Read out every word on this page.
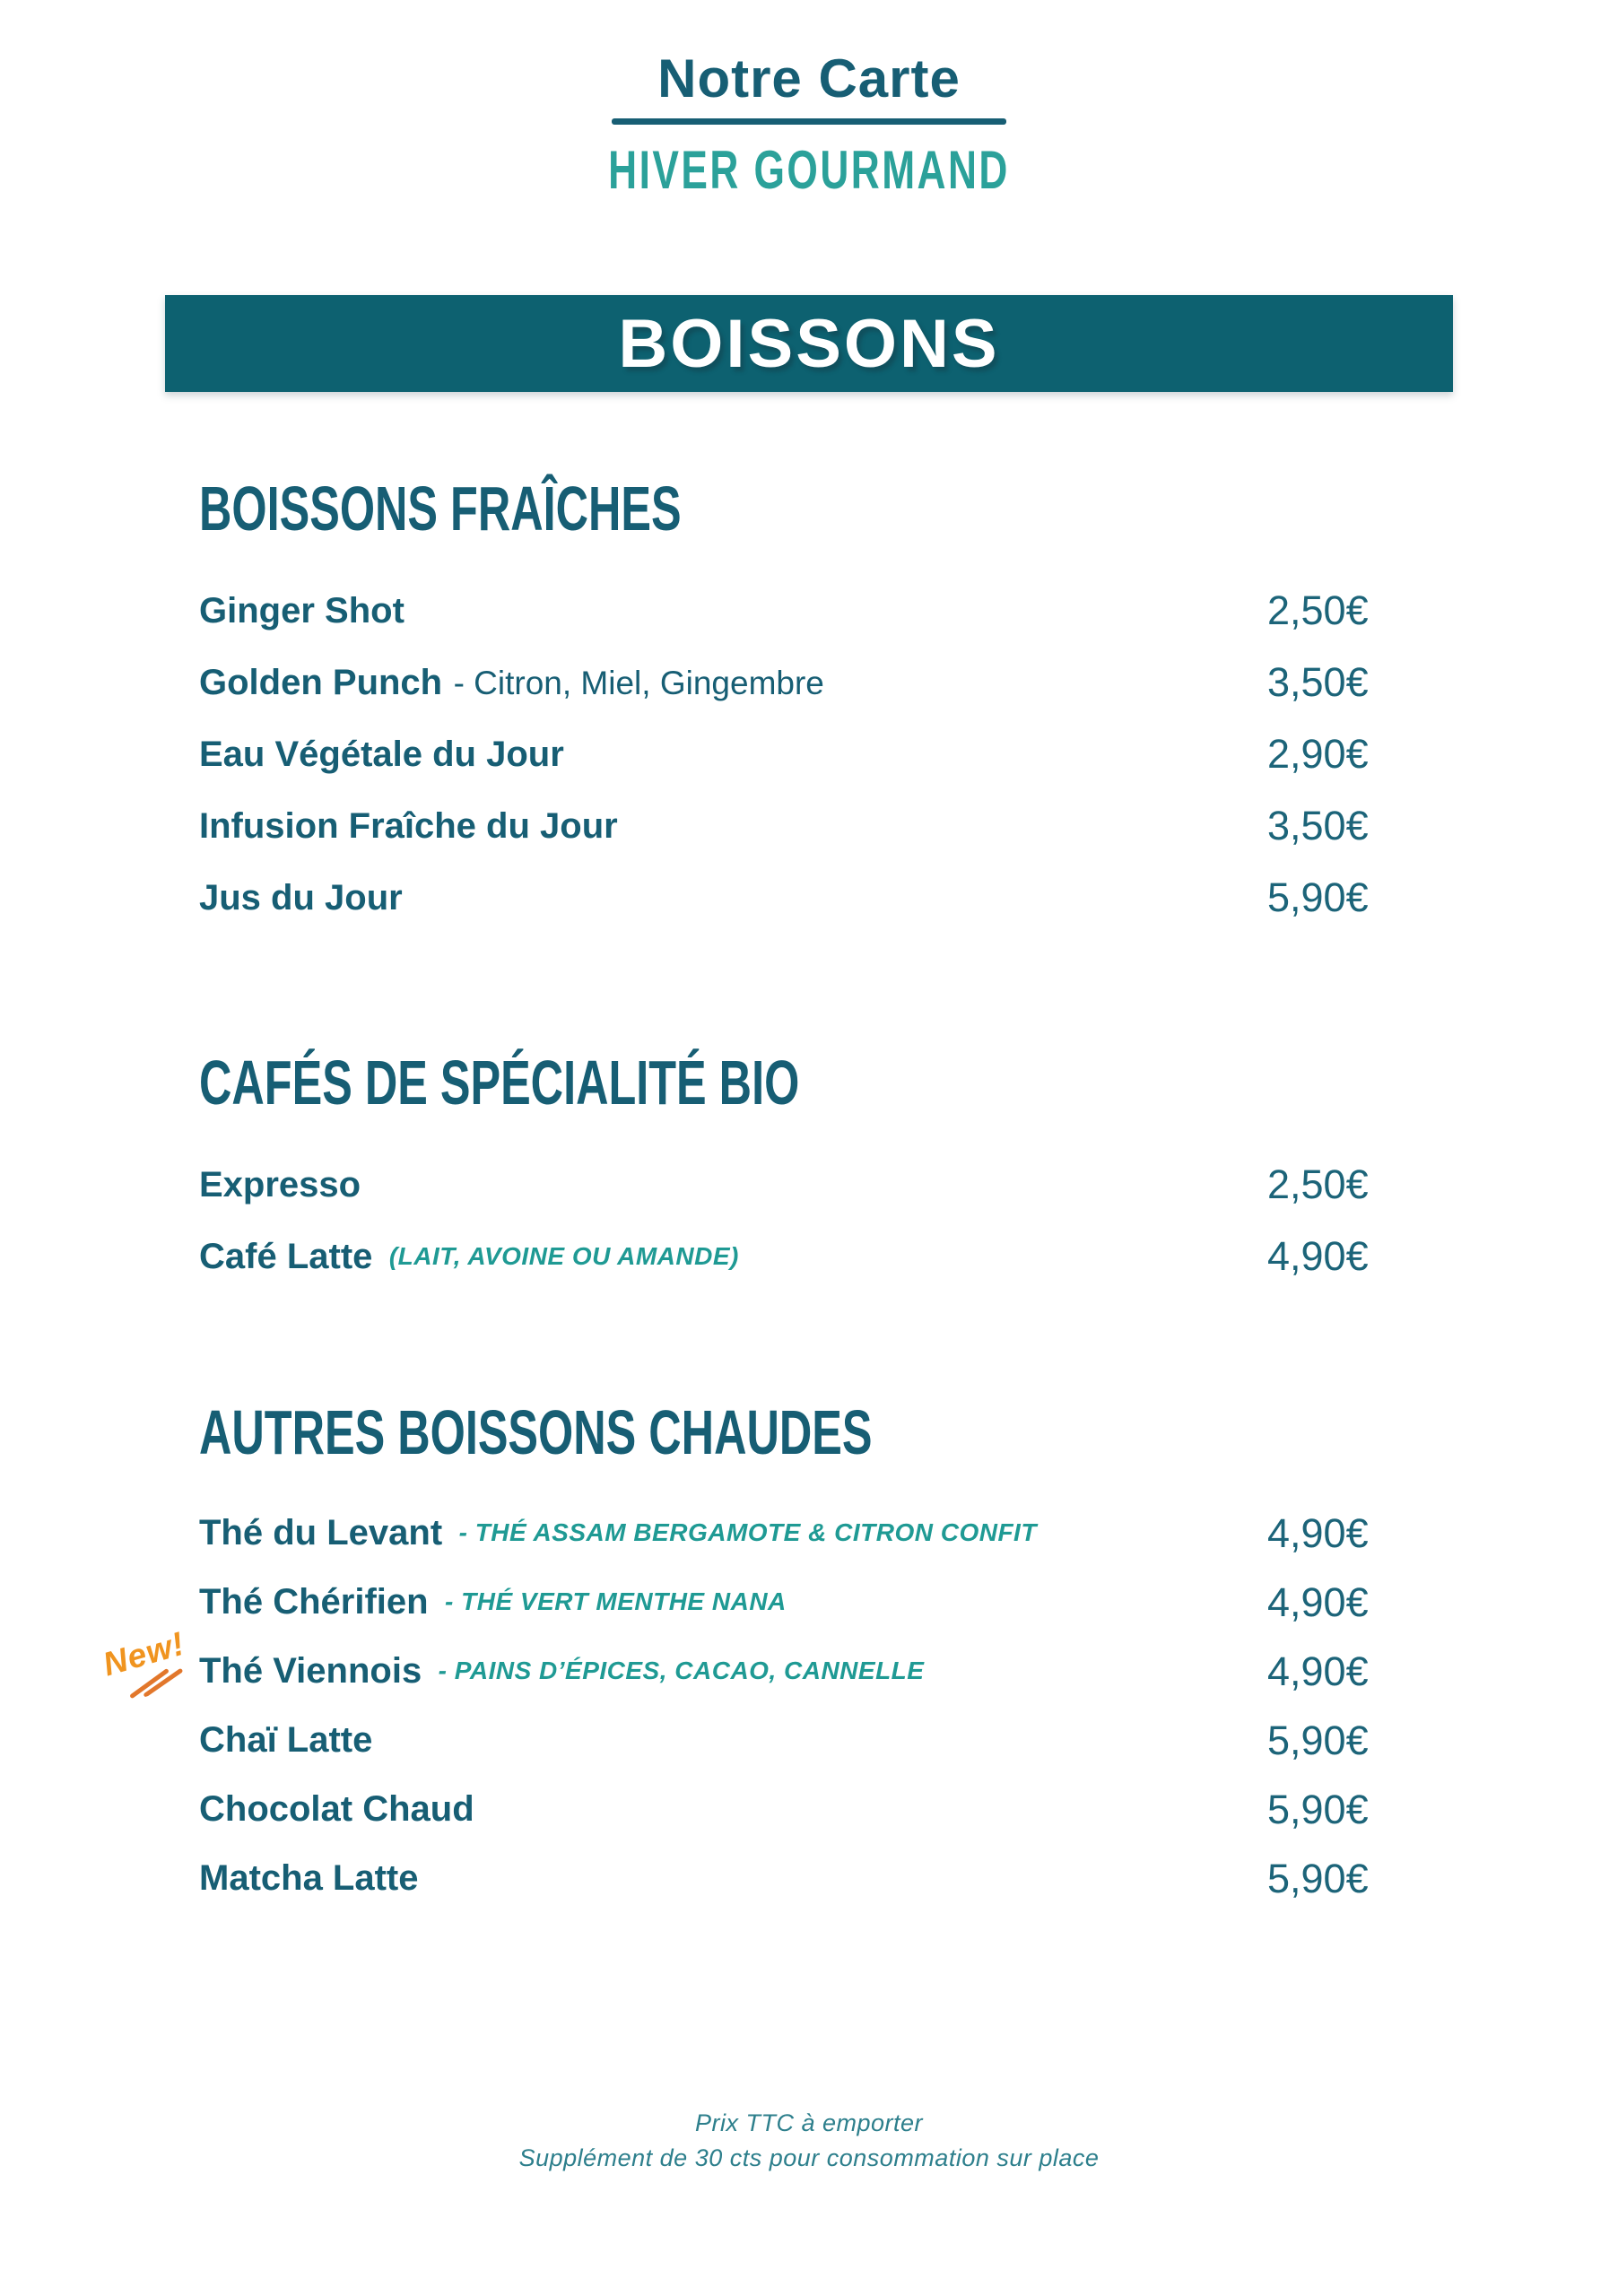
Notre Carte
HIVER GOURMAND
BOISSONS
BOISSONS FRAÎCHES
Ginger Shot	2,50€
Golden Punch - Citron, Miel, Gingembre	3,50€
Eau Végétale du Jour	2,90€
Infusion Fraîche du Jour	3,50€
Jus du Jour	5,90€
CAFÉS DE SPÉCIALITÉ BIO
Expresso	2,50€
Café Latte (LAIT, AVOINE OU AMANDE)	4,90€
AUTRES BOISSONS CHAUDES
Thé du Levant - THÉ ASSAM BERGAMOTE & CITRON CONFIT	4,90€
Thé Chérifien - THÉ VERT MENTHE NANA	4,90€
New! Thé Viennois - PAINS D’ÉPICES, CACAO, CANNELLE	4,90€
Chaï Latte	5,90€
Chocolat Chaud	5,90€
Matcha Latte	5,90€
Prix TTC à emporter
Supplément de 30 cts pour consommation sur place
